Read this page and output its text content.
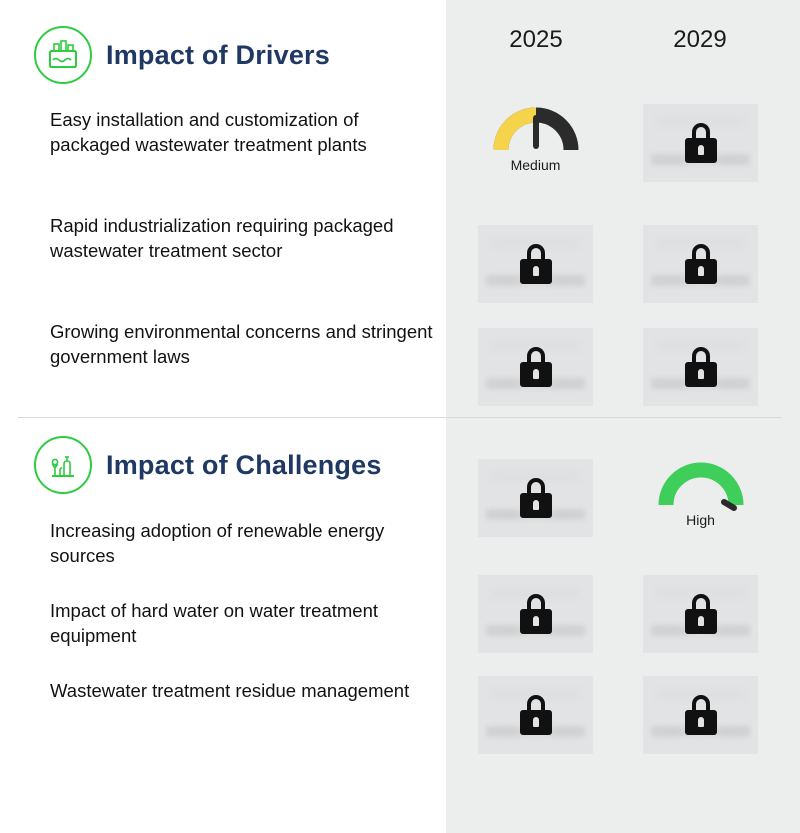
2025	2029
Impact of Drivers
Easy installation and customization of packaged wastewater treatment plants
Rapid industrialization requiring packaged wastewater treatment sector
Growing environmental concerns and stringent government laws
Medium
Impact of Challenges
Increasing adoption of renewable energy sources
Impact of hard water on water treatment equipment
Wastewater treatment residue management
High
